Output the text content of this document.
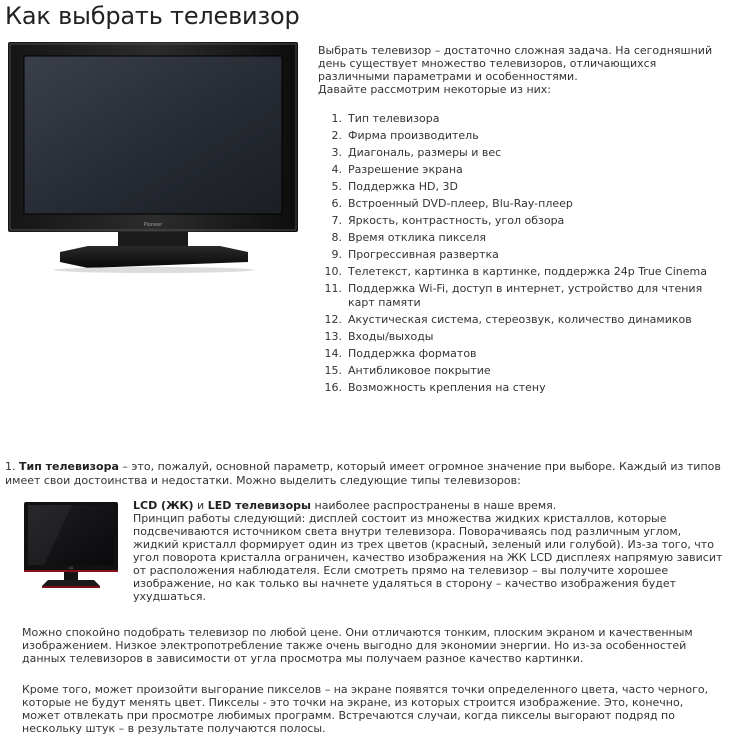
Как выбрать телевизор
Pioneer
Выбрать телевизор – достаточно сложная задача. На сегодняшний день существует множество телевизоров, отличающихся различными параметрами и особенностями.
Давайте рассмотрим некоторые из них:
1. Тип телевизора
2. Фирма производитель
3. Диагональ, размеры и вес
4. Разрешение экрана
5. Поддержка HD, 3D
6. Встроенный DVD-плеер, Blu-Ray-плеер
7. Яркость, контрастность, угол обзора
8. Время отклика пикселя
9. Прогрессивная развертка
10. Телетекст, картинка в картинке, поддержка 24р True Cinema
11. Поддержка Wi-Fi, доступ в интернет, устройство для чтения карт памяти
12. Акустическая система, стереозвук, количество динамиков
13. Входы/выходы
14. Поддержка форматов
15. Антибликовое покрытие
16. Возможность крепления на стену
1. Тип телевизора – это, пожалуй, основной параметр, который имеет огромное значение при выборе. Каждый из типов имеет свои достоинства и недостатки. Можно выделить следующие типы телевизоров:
LG
LCD (ЖК) и LED телевизоры наиболее распространены в наше время.
Принцип работы следующий: дисплей состоит из множества жидких кристаллов, которые подсвечиваются источником света внутри телевизора. Поворачиваясь под различным углом, жидкий кристалл формирует один из трех цветов (красный, зеленый или голубой). Из-за того, что угол поворота кристалла ограничен, качество изображения на ЖК LCD дисплеях напрямую зависит от расположения наблюдателя. Если смотреть прямо на телевизор – вы получите хорошее изображение, но как только вы начнете удаляться в сторону – качество изображения будет ухудшаться.
Можно спокойно подобрать телевизор по любой цене. Они отличаются тонким, плоским экраном и качественным изображением. Низкое электропотребление также очень выгодно для экономии энергии. Но из-за особенностей данных телевизоров в зависимости от угла просмотра мы получаем разное качество картинки.
Кроме того, может произойти выгорание пикселов – на экране появятся точки определенного цвета, часто черного, которые не будут менять цвет. Пикселы - это точки на экране, из которых строится изображение. Это, конечно, может отвлекать при просмотре любимых программ. Встречаются случаи, когда пикселы выгорают подряд по нескольку штук – в результате получаются полосы.
